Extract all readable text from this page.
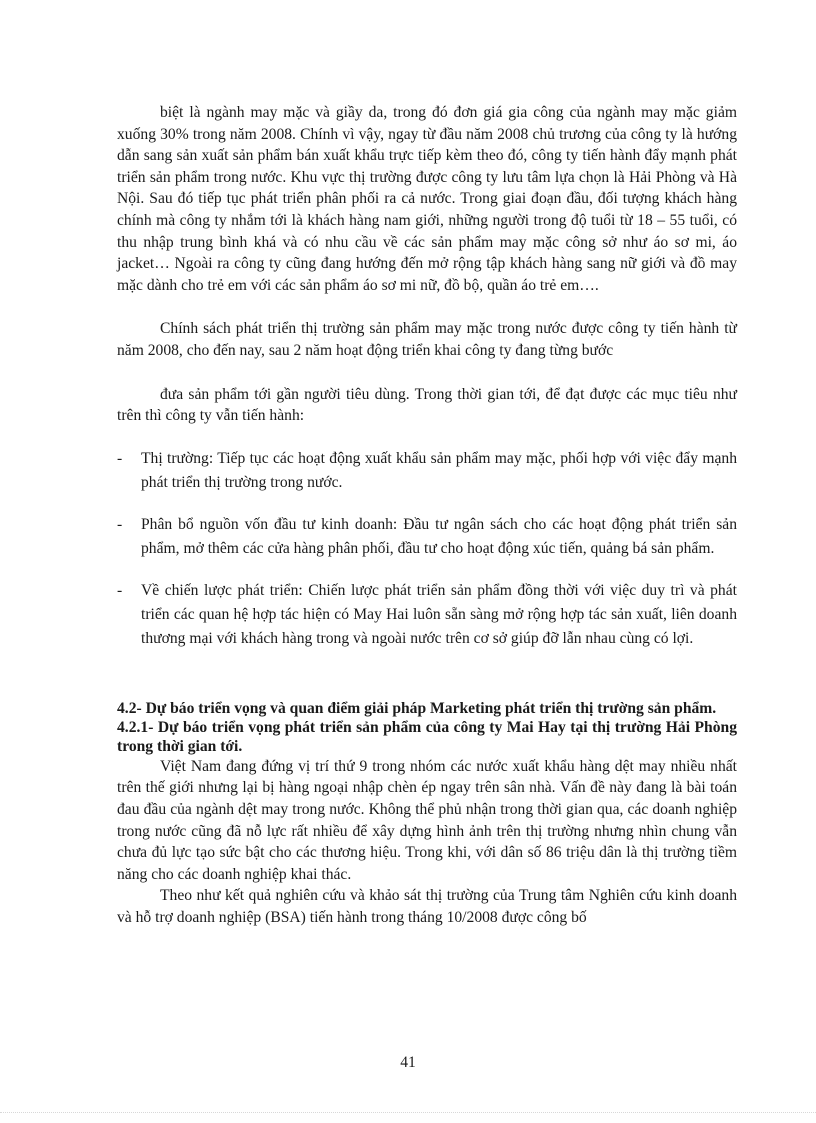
biệt là ngành may mặc và giầy da, trong đó đơn giá gia công của ngành may mặc giảm xuống 30% trong năm 2008. Chính vì vậy, ngay từ đầu năm 2008 chủ trương của công ty là hướng dẫn sang sản xuất sản phẩm bán xuất khẩu trực tiếp kèm theo đó, công ty tiến hành đẩy mạnh phát triển sản phẩm trong nước. Khu vực thị trường được công ty lưu tâm lựa chọn là Hải Phòng và Hà Nội. Sau đó tiếp tục phát triển phân phối ra cả nước. Trong giai đoạn đầu, đối tượng khách hàng chính mà công ty nhắm tới là khách hàng nam giới, những người trong độ tuổi từ 18 – 55 tuổi, có thu nhập trung bình khá và có nhu cầu về các sản phẩm may mặc công sở như áo sơ mi, áo jacket… Ngoài ra công ty cũng đang hướng đến mở rộng tập khách hàng sang nữ giới và đồ may mặc dành cho trẻ em với các sản phẩm áo sơ mi nữ, đồ bộ, quần áo trẻ em….

Chính sách phát triển thị trường sản phẩm may mặc trong nước được công ty tiến hành từ năm 2008, cho đến nay, sau 2 năm hoạt động triển khai công ty đang từng bước

đưa sản phẩm tới gần người tiêu dùng. Trong thời gian tới, để đạt được các mục tiêu như trên thì công ty vẫn tiến hành:

- Thị trường: Tiếp tục các hoạt động xuất khẩu sản phẩm may mặc, phối hợp với việc đẩy mạnh phát triển thị trường trong nước.
- Phân bổ nguồn vốn đầu tư kinh doanh: Đầu tư ngân sách cho các hoạt động phát triển sản phẩm, mở thêm các cửa hàng phân phối, đầu tư cho hoạt động xúc tiến, quảng bá sản phẩm.
- Về chiến lược phát triển: Chiến lược phát triển sản phẩm đồng thời với việc duy trì và phát triển các quan hệ hợp tác hiện có May Hai luôn sẵn sàng mở rộng hợp tác sản xuất, liên doanh thương mại với khách hàng trong và ngoài nước trên cơ sở giúp đỡ lẫn nhau cùng có lợi.

4.2- Dự báo triển vọng và quan điểm giải pháp Marketing phát triển thị trường sản phẩm.

4.2.1- Dự báo triển vọng phát triển sản phẩm của công ty Mai Hay tại thị trường Hải Phòng trong thời gian tới.

Việt Nam đang đứng vị trí thứ 9 trong nhóm các nước xuất khẩu hàng dệt may nhiều nhất trên thế giới nhưng lại bị hàng ngoại nhập chèn ép ngay trên sân nhà. Vấn đề này đang là bài toán đau đầu của ngành dệt may trong nước. Không thể phủ nhận trong thời gian qua, các doanh nghiệp trong nước cũng đã nỗ lực rất nhiều để xây dựng hình ảnh trên thị trường nhưng nhìn chung vẫn chưa đủ lực tạo sức bật cho các thương hiệu. Trong khi, với dân số 86 triệu dân là thị trường tiềm năng cho các doanh nghiệp khai thác.

Theo như kết quả nghiên cứu và khảo sát thị trường của Trung tâm Nghiên cứu kinh doanh và hỗ trợ doanh nghiệp (BSA) tiến hành trong tháng 10/2008 được công bố

41
